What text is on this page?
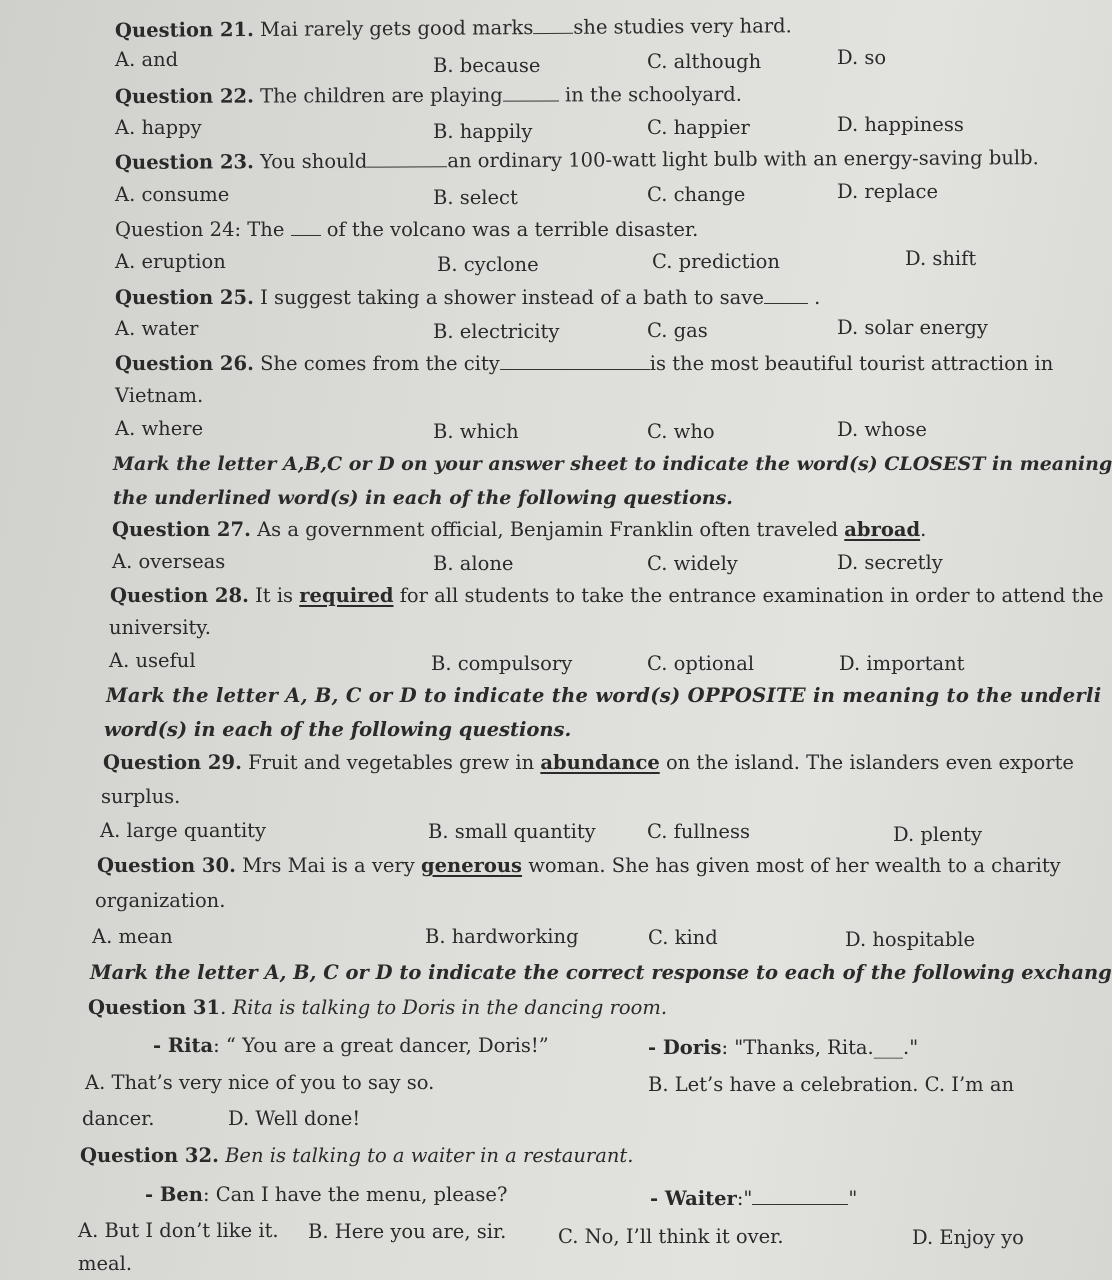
Question 21. Mai rarely gets good marks she studies very hard.
A. and	B. because	C. although	D. so
Question 22. The children are playing	in the schoolyard.
A. happy	B. happily	C. happier	D. happiness
Question 23. You should	an ordinary 100-watt light bulb with an energy-saving bulb.
A. consume	B. select	C. change	D. replace
Question 24: The of the volcano was a terrible disaster.
A. eruption	B. cyclone	C. prediction	D. shift
Question 25. I suggest taking a shower instead of a bath to save	.
A. water	B. electricity	C. gas	D. solar energy
Question 26. She comes from the city	is the most beautiful tourist attraction in
Vietnam.
A. where	B. which	C. who	D. whose
Mark the letter A,B,C or D on your answer sheet to indicate the word(s) CLOSEST in meaning
the underlined word(s) in each of the following questions.
Question 27. As a government official, Benjamin Franklin often traveled abroad.
A. overseas	B. alone	C. widely	D. secretly
Question 28. It is required for all students to take the entrance examination in order to attend the
university.
A. useful	B. compulsory	C. optional	D. important
Mark the letter A, B, C or D to indicate the word(s) OPPOSITE in meaning to the underli
word(s) in each of the following questions.
Question 29. Fruit and vegetables grew in abundance on the island. The islanders even exporte
surplus.
A. large quantity	B. small quantity	C. fullness	D. plenty
Question 30. Mrs Mai is a very generous woman. She has given most of her wealth to a charity
organization.
A. mean	B. hardworking	C. kind	D. hospitable
Mark the letter A, B, C or D to indicate the correct response to each of the following exchang
Question 31. Rita is talking to Doris in the dancing room.
- Rita: “ You are a great dancer, Doris!”	- Doris: "Thanks, Rita.___."
A. That’s very nice of you to say so.	B. Let’s have a celebration. C. I’m an
dancer.	D. Well done!
Question 32. Ben is talking to a waiter in a restaurant.
- Ben: Can I have the menu, please?	- Waiter:"	"
A. But I don’t like it. B. Here you are, sir.	C. No, I’ll think it over.	D. Enjoy yo
meal.
